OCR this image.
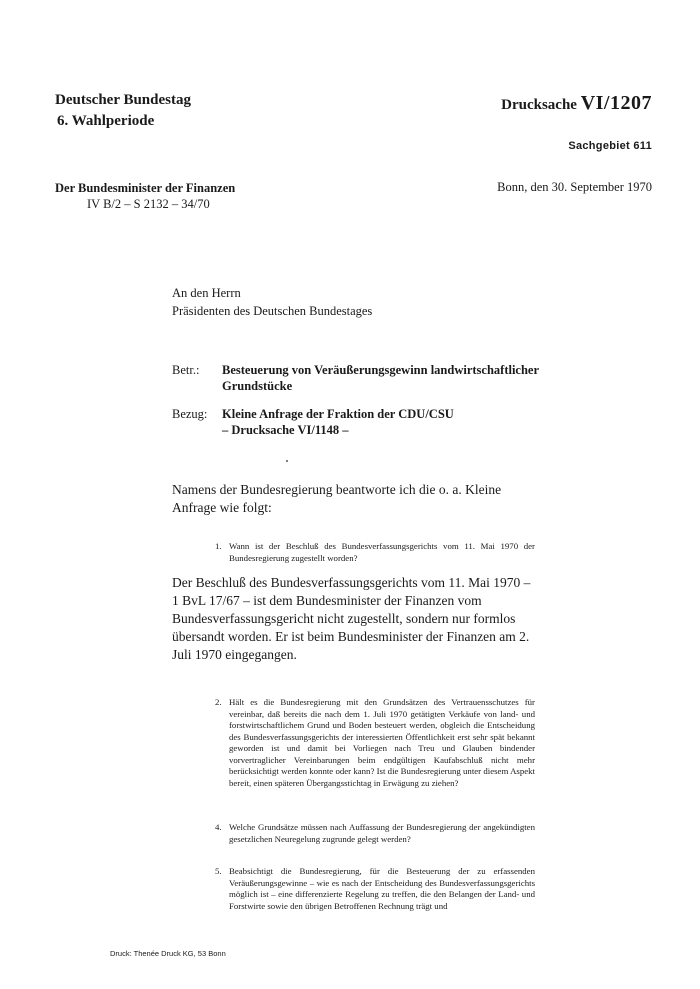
Deutscher Bundestag
6. Wahlperiode
Drucksache VI/1207
Sachgebiet 611
Der Bundesminister der Finanzen
IV B/2 – S 2132 – 34/70
Bonn, den 30. September 1970
An den Herrn
Präsidenten des Deutschen Bundestages
Betr.:	Besteuerung von Veräußerungsgewinn landwirtschaftlicher Grundstücke
Bezug:	Kleine Anfrage der Fraktion der CDU/CSU
– Drucksache VI/1148 –
Namens der Bundesregierung beantworte ich die o. a. Kleine Anfrage wie folgt:
1. Wann ist der Beschluß des Bundesverfassungsgerichts vom 11. Mai 1970 der Bundesregierung zugestellt worden?
Der Beschluß des Bundesverfassungsgerichts vom 11. Mai 1970 – 1 BvL 17/67 – ist dem Bundesminister der Finanzen vom Bundesverfassungsgericht nicht zugestellt, sondern nur formlos übersandt worden. Er ist beim Bundesminister der Finanzen am 2. Juli 1970 eingegangen.
2. Hält es die Bundesregierung mit den Grundsätzen des Vertrauensschutzes für vereinbar, daß bereits die nach dem 1. Juli 1970 getätigten Verkäufe von land- und forstwirtschaftlichem Grund und Boden besteuert werden, obgleich die Entscheidung des Bundesverfassungsgerichts der interessierten Öffentlichkeit erst sehr spät bekannt geworden ist und damit bei Vorliegen nach Treu und Glauben bindender vorvertraglicher Vereinbarungen beim endgültigen Kaufabschluß nicht mehr berücksichtigt werden konnte oder kann? Ist die Bundesregierung unter diesem Aspekt bereit, einen späteren Übergangsstichtag in Erwägung zu ziehen?
4. Welche Grundsätze müssen nach Auffassung der Bundesregierung der angekündigten gesetzlichen Neuregelung zugrunde gelegt werden?
5. Beabsichtigt die Bundesregierung, für die Besteuerung der zu erfassenden Veräußerungsgewinne – wie es nach der Entscheidung des Bundesverfassungsgerichts möglich ist – eine differenzierte Regelung zu treffen, die den Belangen der Land- und Forstwirte sowie den übrigen Betroffenen Rechnung trägt und
Druck: Thenée Druck KG, 53 Bonn
